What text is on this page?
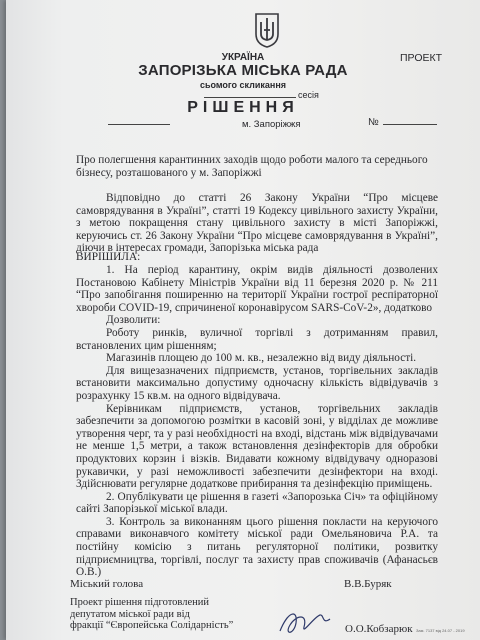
ПРОЕКТ
УКРАЇНА
ЗАПОРІЗЬКА МІСЬКА РАДА
сьомого скликання
сесія
РІШЕННЯ
м. Запоріжжя	№
Про полегшення карантинних заходів щодо роботи малого та середнього
бізнесу, розташованого у м. Запоріжжі
Відповідно до статті 26 Закону України “Про місцеве самоврядування в Україні”, статті 19 Кодексу цивільного захисту України, з метою покращення стану цивільного захисту в місті Запоріжжі, керуючись ст. 26 Закону України “Про місцеве самоврядування в Україні”, діючи в інтересах громади, Запорізька міська рада
ВИРІШИЛА:

1. На період карантину, окрім видів діяльності дозволених Постановою Кабінету Міністрів України від 11 березня 2020 р. № 211 “Про запобігання поширенню на території України гострої респіраторної хвороби COVID-19, спричиненої коронавірусом SARS-CoV-2», додатково

Дозволити:

Роботу ринків, вуличної торгівлі з дотриманням правил, встановлених цим рішенням;

Магазинів площею до 100 м. кв., незалежно від виду діяльності.

Для вищезазначених підприємств, установ, торгівельних закладів встановити максимально допустиму одночасну кількість відвідувачів з розрахунку 15 кв.м. на одного відвідувача.

Керівникам підприємств, установ, торгівельних закладів забезпечити за допомогою розмітки в касовій зоні, у відділах де можливе утворення черг, та у разі необхідності на вході, відстань між відвідувачами не менше 1,5 метри, а також встановлення дезінфекторів для обробки продуктових корзин і візків. Видавати кожному відвідувачу одноразові рукавички, у разі неможливості забезпечити дезінфектори на вході. Здійснювати регулярне додаткове прибирання та дезінфекцію приміщень.

2. Опублікувати це рішення в газеті «Запорозька Січ» та офіційному сайті Запорізької міської влади.

3. Контроль за виконанням цього рішення покласти на керуючого справами виконавчого комітету міської ради Омельяновича Р.А. та постійну комісію з питань регуляторної політики, розвитку підприємництва, торгівлі, послуг та захисту прав споживачів (Афанасьєв О.В.)

Міський голова	В.В.Буряк
Проект рішення підготовлений
депутатом міської ради від
фракції “Європейська Солідарність”	О.О.Кобзарюк Зам. 7137 від 24.07 - 2019
